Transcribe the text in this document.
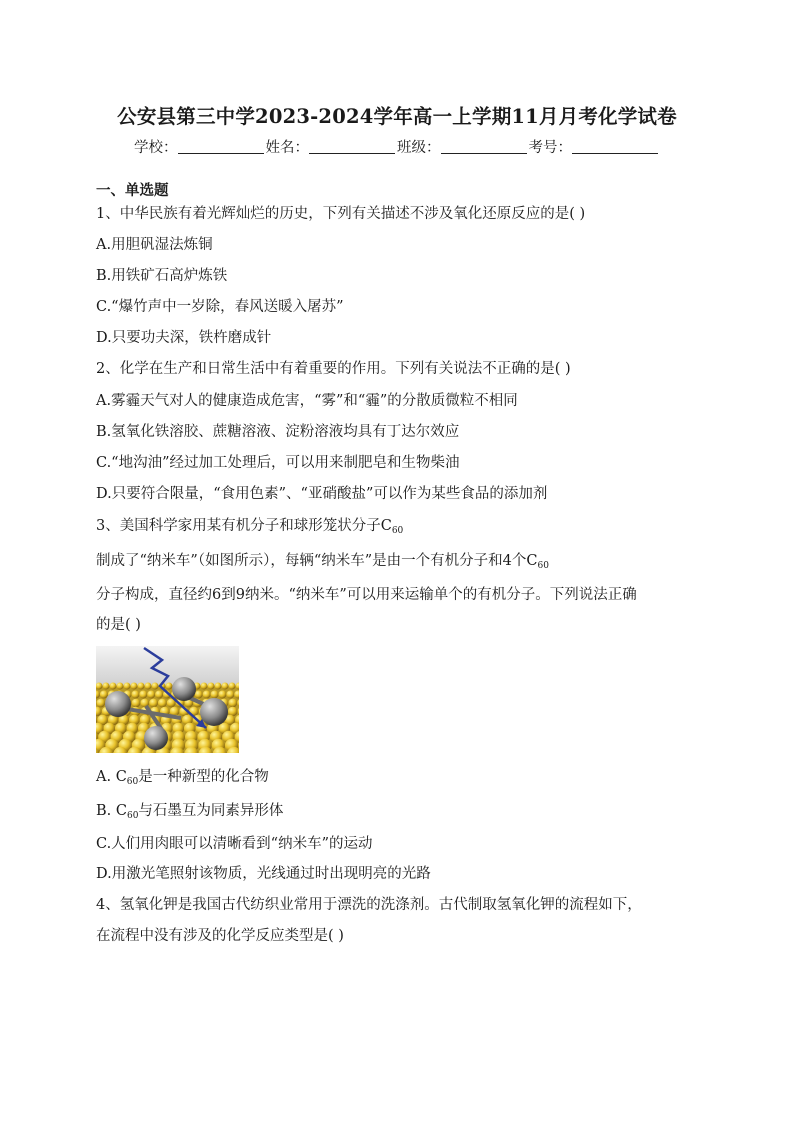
公安县第三中学2023-2024学年高一上学期11月月考化学试卷
学校：	姓名：	班级：	考号：
一、单选题
1、中华民族有着光辉灿烂的历史，下列有关描述不涉及氧化还原反应的是( )
A.用胆矾湿法炼铜
B.用铁矿石高炉炼铁
C.“爆竹声中一岁除，春风送暖入屠苏”
D.只要功夫深，铁杵磨成针
2、化学在生产和日常生活中有着重要的作用。下列有关说法不正确的是( )
A.雾霾天气对人的健康造成危害，“雾”和“霾”的分散质微粒不相同
B.氢氧化铁溶胶、蔗糖溶液、淀粉溶液均具有丁达尔效应
C.“地沟油”经过加工处理后，可以用来制肥皂和生物柴油
D.只要符合限量，“食用色素”、“亚硝酸盐”可以作为某些食品的添加剂
3、美国科学家用某有机分子和球形笼状分子$C_{60}$
制成了“纳米车”（如图所示），每辆“纳米车”是由一个有机分子和4个$C_{60}$
分子构成，直径约6到9纳米。“纳米车”可以用来运输单个的有机分子。下列说法正确
的是( )
A. $C_{60}$是一种新型的化合物
B. $C_{60}$与石墨互为同素异形体
C.人们用肉眼可以清晰看到“纳米车”的运动
D.用激光笔照射该物质，光线通过时出现明亮的光路
4、氢氧化钾是我国古代纺织业常用于漂洗的洗涤剂。古代制取氢氧化钾的流程如下，
在流程中没有涉及的化学反应类型是( )
